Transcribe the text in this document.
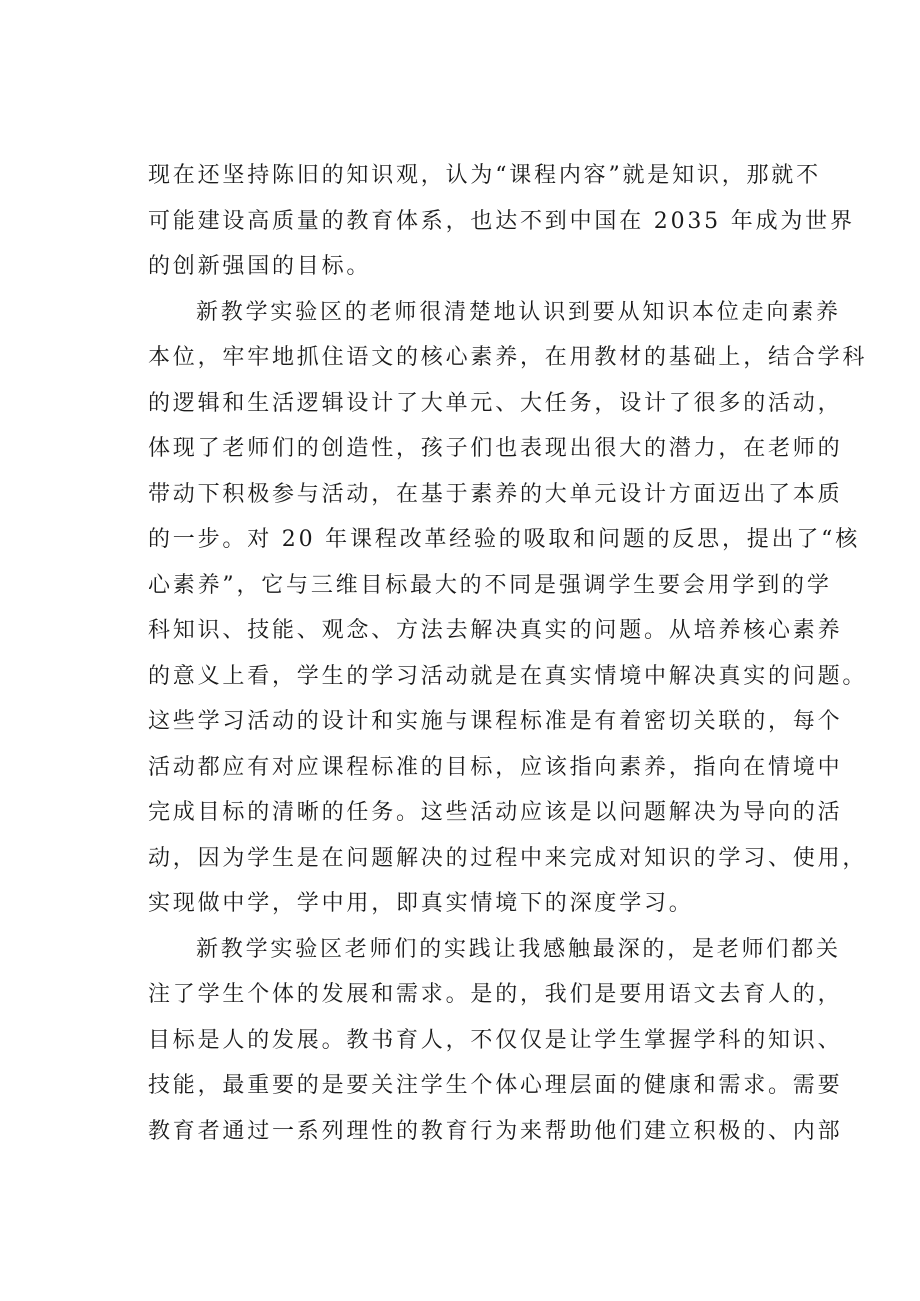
现在还坚持陈旧的知识观，认为“课程内容”就是知识，那就不
可能建设高质量的教育体系，也达不到中国在 2035 年成为世界
的创新强国的目标。
新教学实验区的老师很清楚地认识到要从知识本位走向素养
本位，牢牢地抓住语文的核心素养，在用教材的基础上，结合学科
的逻辑和生活逻辑设计了大单元、大任务，设计了很多的活动，
体现了老师们的创造性，孩子们也表现出很大的潜力，在老师的
带动下积极参与活动，在基于素养的大单元设计方面迈出了本质
的一步。对 20 年课程改革经验的吸取和问题的反思，提出了“核
心素养”，它与三维目标最大的不同是强调学生要会用学到的学
科知识、技能、观念、方法去解决真实的问题。从培养核心素养
的意义上看，学生的学习活动就是在真实情境中解决真实的问题。
这些学习活动的设计和实施与课程标准是有着密切关联的，每个
活动都应有对应课程标准的目标，应该指向素养，指向在情境中
完成目标的清晰的任务。这些活动应该是以问题解决为导向的活
动，因为学生是在问题解决的过程中来完成对知识的学习、使用，
实现做中学，学中用，即真实情境下的深度学习。
新教学实验区老师们的实践让我感触最深的，是老师们都关
注了学生个体的发展和需求。是的，我们是要用语文去育人的，
目标是人的发展。教书育人，不仅仅是让学生掌握学科的知识、
技能，最重要的是要关注学生个体心理层面的健康和需求。需要
教育者通过一系列理性的教育行为来帮助他们建立积极的、内部
